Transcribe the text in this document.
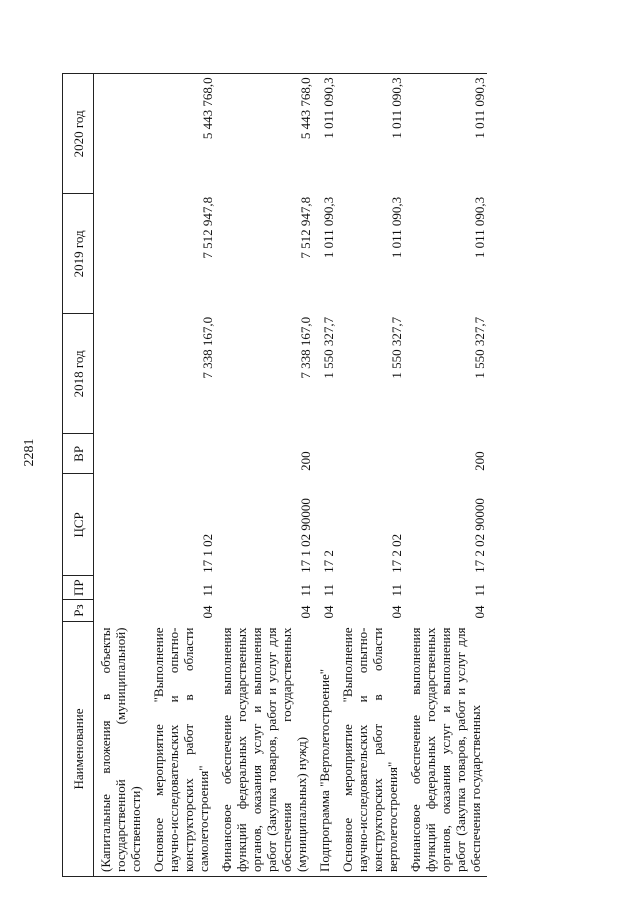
2281
Наименование	Рз	ПР	ЦСР	ВР	2018 год	2019 год	2020 год
(Капитальные вложения в объекты государственной (муниципальной) собственности)							
Основное мероприятие "Выполнение научно-исследовательских и опытно-конструкторских работ в области самолетостроения"	04	11	17 1 02		7 338 167,0	7 512 947,8	5 443 768,0
Финансовое обеспечение выполнения функций федеральных государственных органов, оказания услуг и выполнения работ (Закупка товаров, работ и услуг для обеспечения государственных (муниципальных) нужд)	04	11	17 1 02 90000	200	7 338 167,0	7 512 947,8	5 443 768,0
Подпрограмма "Вертолетостроение"	04	11	17 2		1 550 327,7	1 011 090,3	1 011 090,3
Основное мероприятие "Выполнение научно-исследовательских и опытно-конструкторских работ в области вертолетостроения"	04	11	17 2 02		1 550 327,7	1 011 090,3	1 011 090,3
Финансовое обеспечение выполнения функций федеральных государственных органов, оказания услуг и выполнения работ (Закупка товаров, работ и услуг для обеспечения государственных	04	11	17 2 02 90000	200	1 550 327,7	1 011 090,3	1 011 090,3
